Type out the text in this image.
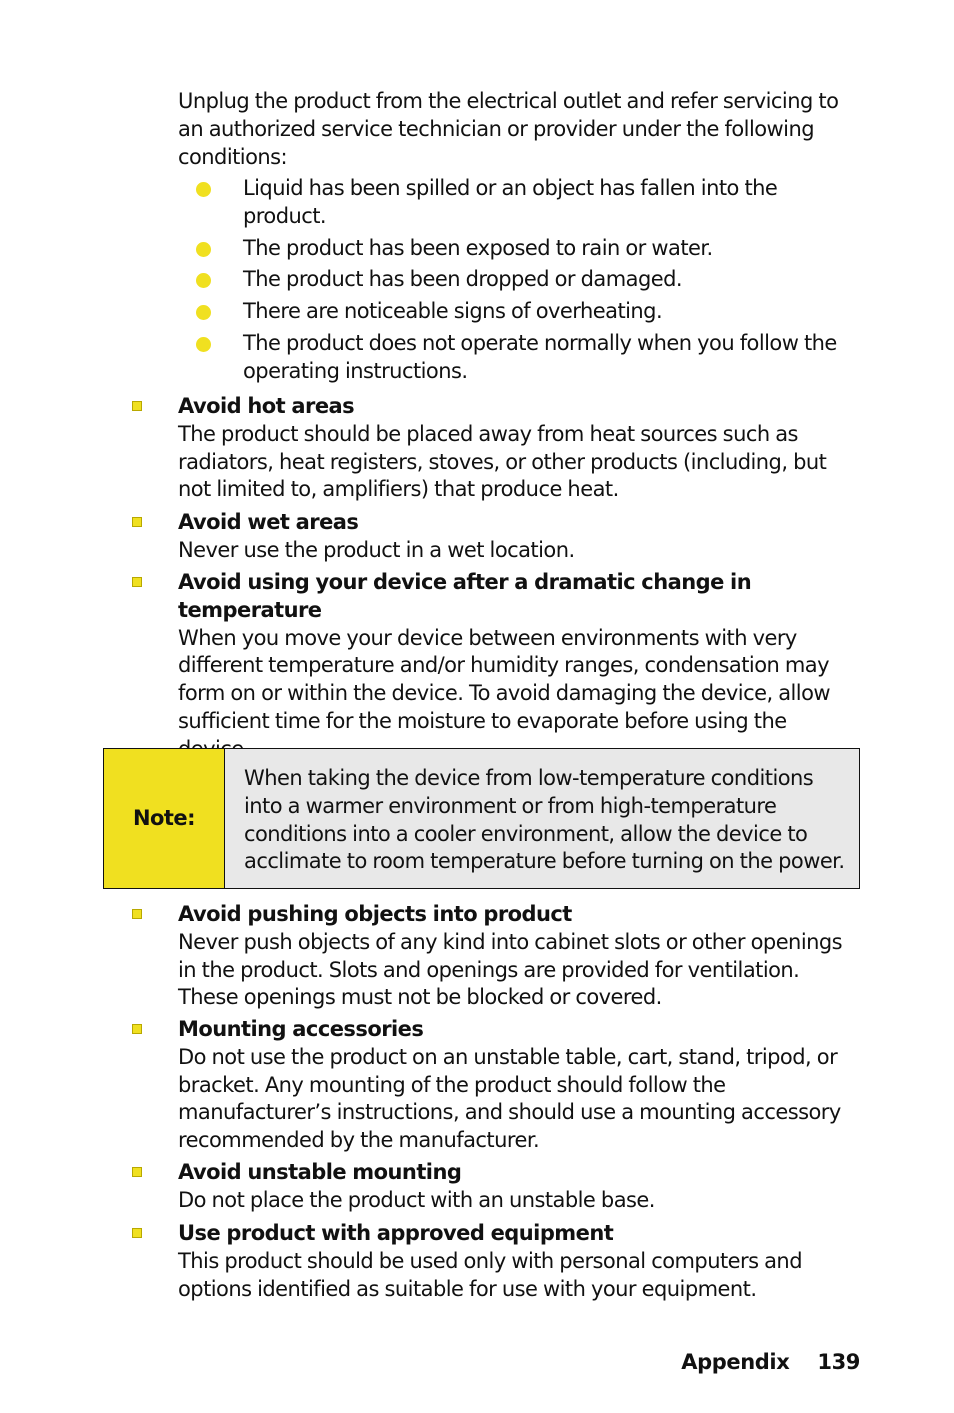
Unplug the product from the electrical outlet and refer servicing to an authorized service technician or provider under the following conditions:
Liquid has been spilled or an object has fallen into the product.
The product has been exposed to rain or water.
The product has been dropped or damaged.
There are noticeable signs of overheating.
The product does not operate normally when you follow the operating instructions.
Avoid hot areas
The product should be placed away from heat sources such as radiators, heat registers, stoves, or other products (including, but not limited to, amplifiers) that produce heat.
Avoid wet areas
Never use the product in a wet location.
Avoid using your device after a dramatic change in temperature
When you move your device between environments with very different temperature and/or humidity ranges, condensation may form on or within the device. To avoid damaging the device, allow sufficient time for the moisture to evaporate before using the
Note:
When taking the device from low-temperature conditions into a warmer environment or from high-temperature conditions into a cooler environment, allow the device to acclimate to room temperature before turning on the power.
Avoid pushing objects into product
Never push objects of any kind into cabinet slots or other openings in the product. Slots and openings are provided for ventilation. These openings must not be blocked or covered.
Mounting accessories
Do not use the product on an unstable table, cart, stand, tripod, or bracket. Any mounting of the product should follow the manufacturer’s instructions, and should use a mounting accessory recommended by the manufacturer.
Avoid unstable mounting
Do not place the product with an unstable base.
Use product with approved equipment
This product should be used only with personal computers and options identified as suitable for use with your equipment.
Appendix 139
